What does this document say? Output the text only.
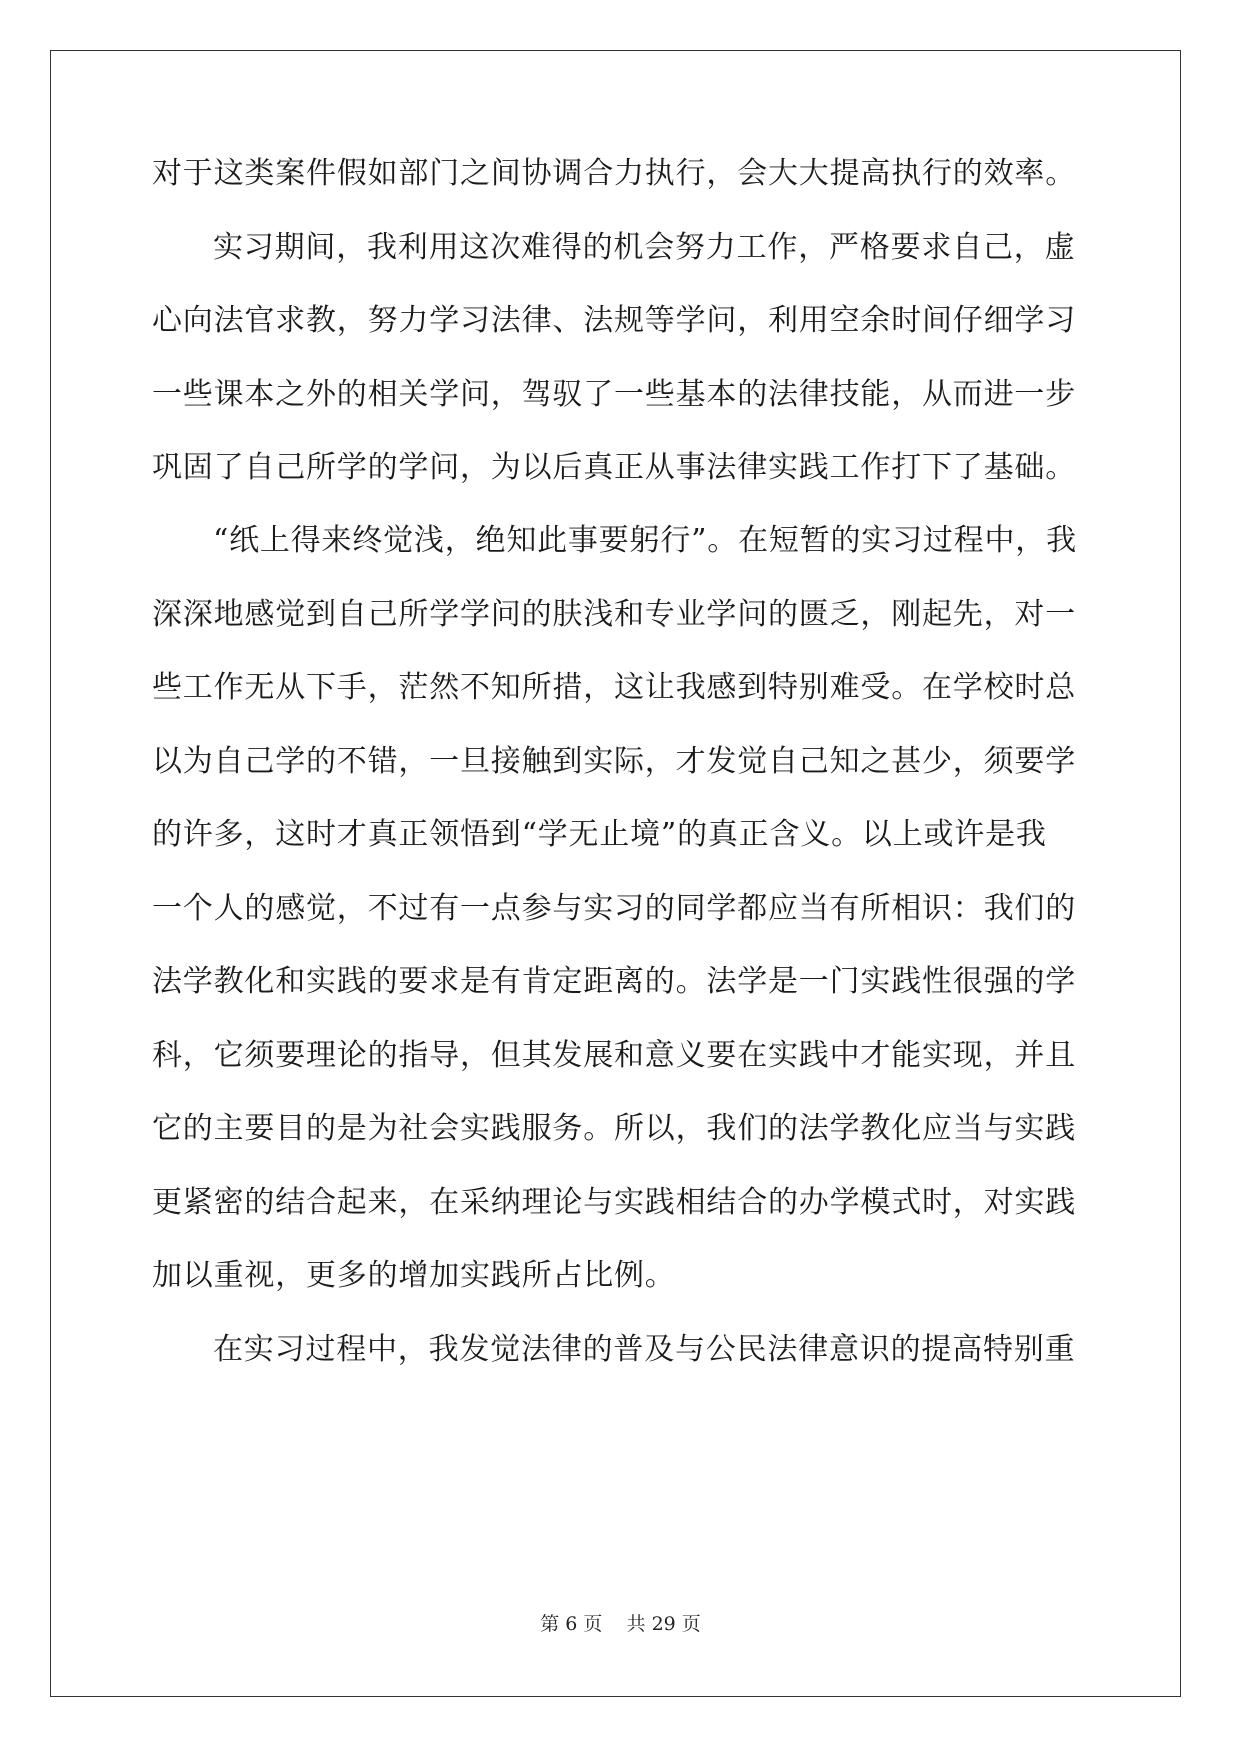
对于这类案件假如部门之间协调合力执行，会大大提高执行的效率。
实习期间，我利用这次难得的机会努力工作，严格要求自己，虚
心向法官求教，努力学习法律、法规等学问，利用空余时间仔细学习
一些课本之外的相关学问，驾驭了一些基本的法律技能，从而进一步
巩固了自己所学的学问，为以后真正从事法律实践工作打下了基础。
“纸上得来终觉浅，绝知此事要躬行”。在短暂的实习过程中，我
深深地感觉到自己所学学问的肤浅和专业学问的匮乏，刚起先，对一
些工作无从下手，茫然不知所措，这让我感到特别难受。在学校时总
以为自己学的不错，一旦接触到实际，才发觉自己知之甚少，须要学
的许多，这时才真正领悟到“学无止境”的真正含义。以上或许是我
一个人的感觉，不过有一点参与实习的同学都应当有所相识：我们的
法学教化和实践的要求是有肯定距离的。法学是一门实践性很强的学
科，它须要理论的指导，但其发展和意义要在实践中才能实现，并且
它的主要目的是为社会实践服务。所以，我们的法学教化应当与实践
更紧密的结合起来，在采纳理论与实践相结合的办学模式时，对实践
加以重视，更多的增加实践所占比例。
在实习过程中，我发觉法律的普及与公民法律意识的提高特别重
第 6 页 共 29 页
